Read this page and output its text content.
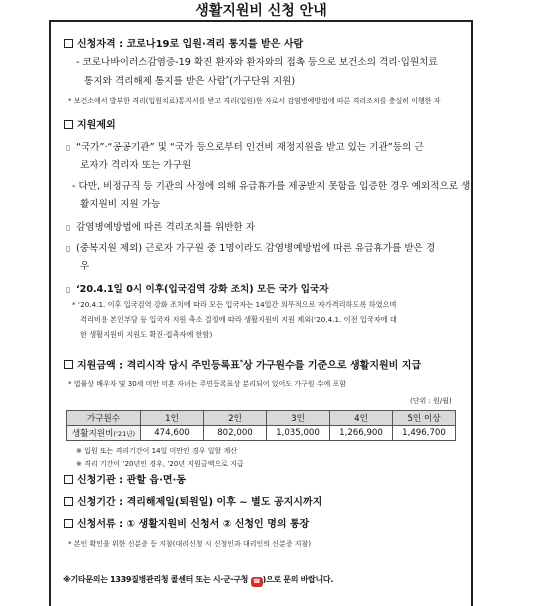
생활지원비 신청 안내
신청자격 : 코로나19로 입원·격리 통지를 받은 사람
- 코로나바이러스감염증-19 확진 환자와 환자와의 접촉 등으로 보건소의 격리·입원치료
통지와 격리해제 통지를 받은 사람*(가구단위 지원)
* 보건소에서 발부한 격리(입원치료)통지서를 받고 격리(입원)한 자로서 감염병예방법에 따른 격리조치를 충실히 이행한 자
지원제외
▯ “국가”·“공공기관” 및 “국가 등으로부터 인건비 재정지원을 받고 있는 기관”등의 근
로자가 격리자 또는 가구원
- 다만, 비정규직 등 기관의 사정에 의해 유급휴가를 제공받지 못함을 입증한 경우 예외적으로 생
활지원비 지원 가능
▯ 감염병예방법에 따른 격리조치를 위반한 자
▯ (중복지원 제외) 근로자 가구원 중 1명이라도 감염병예방법에 따른 유급휴가를 받은 경
우
▯ ‘20.4.1일 0시 이후(입국검역 강화 조치) 모든 국가 입국자
* ‘20.4.1. 이후 입국검역 강화 조치에 따라 모든 입국자는 14일간 의무적으로 자가격리하도록 하였으며
격리비용 본인부담 등 입국자 지원 축소 결정에 따라 생활지원비 지원 제외(‘20.4.1. 이전 입국자에 대
한 생활지원비 지원도 확진·접촉자에 한함)
지원금액 : 격리시작 당시 주민등록표*상 가구원수를 기준으로 생활지원비 지급
* 법률상 배우자 및 30세 미만 미혼 자녀는 주민등록표상 분리되어 있어도 가구원 수에 포함
(단위 : 원/월)
가구원수	1인	2인	3인	4인	5인 이상
생활지원비(’21년)	474,600	802,000	1,035,000	1,266,900	1,496,700
※ 입원 또는 격리기간이 14일 미만인 경우 일할 계산
※ 격리 기간이 ’20년인 경우, ’20년 지원금액으로 지급
신청기관 : 관할 읍·면·동
신청기간 : 격리해제일(퇴원일) 이후 ~ 별도 공지시까지
신청서류 : ① 생활지원비 신청서 ② 신청인 명의 통장
* 본인 확인을 위한 신분증 등 지참(대리신청 시 신청인과 대리인의 신분증 지참)
※기타문의는 1339질병관리청 콜센터 또는 시·군·구청 ☎ )으로 문의 바랍니다.
